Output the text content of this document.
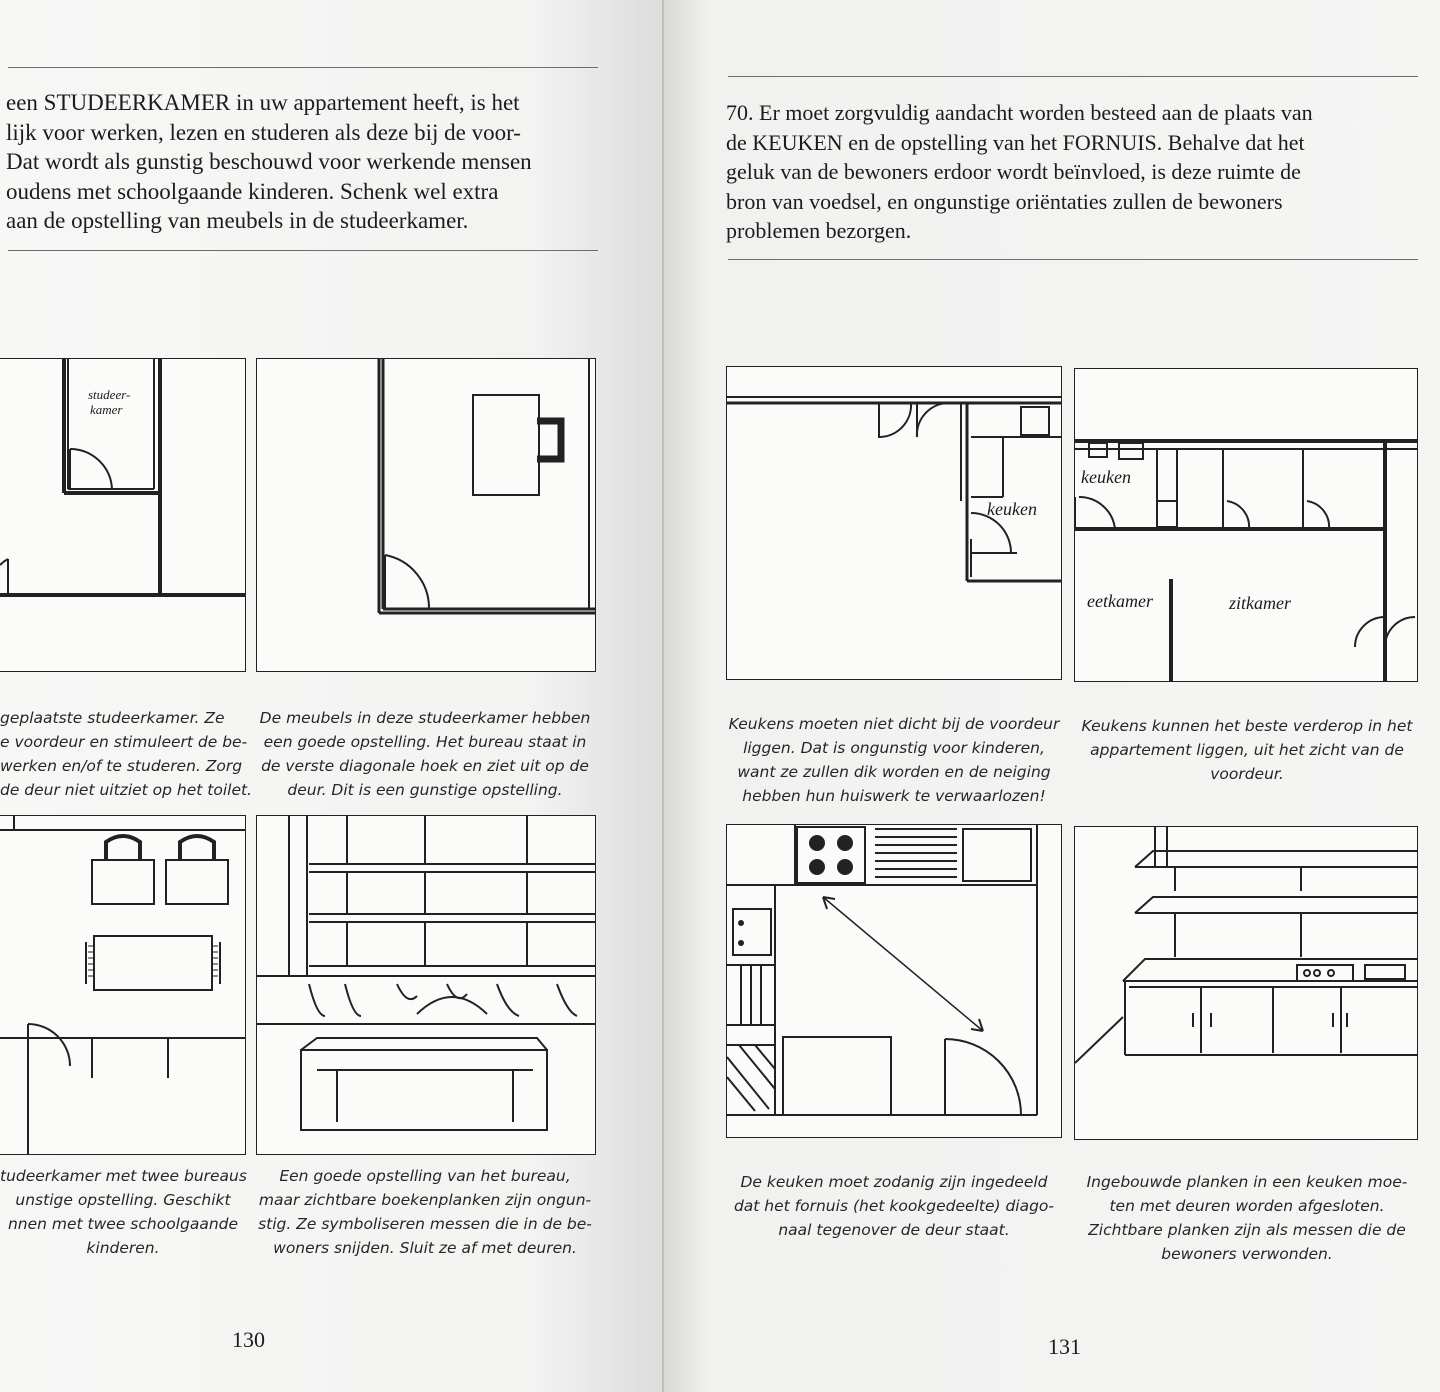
een STUDEERKAMER in uw appartement heeft, is het
lijk voor werken, lezen en studeren als deze bij de voor-
Dat wordt als gunstig beschouwd voor werkende mensen
oudens met schoolgaande kinderen. Schenk wel extra
aan de opstelling van meubels in de studeerkamer.
studeer-
kamer
geplaatste studeerkamer. Ze
e voordeur en stimuleert de be-
werken en/of te studeren. Zorg
de deur niet uitziet op het toilet.
De meubels in deze studeerkamer hebben
een goede opstelling. Het bureau staat in
de verste diagonale hoek en ziet uit op de
deur. Dit is een gunstige opstelling.
tudeerkamer met twee bureaus
unstige opstelling. Geschikt
nnen met twee schoolgaande
kinderen.
Een goede opstelling van het bureau,
maar zichtbare boekenplanken zijn ongun-
stig. Ze symboliseren messen die in de be-
woners snijden. Sluit ze af met deuren.
130
70. Er moet zorgvuldig aandacht worden besteed aan de plaats van
de KEUKEN en de opstelling van het FORNUIS. Behalve dat het
geluk van de bewoners erdoor wordt beïnvloed, is deze ruimte de
bron van voedsel, en ongunstige oriëntaties zullen de bewoners
problemen bezorgen.
keuken
keuken
eetkamer	zitkamer
Keukens moeten niet dicht bij de voordeur
liggen. Dat is ongunstig voor kinderen,
want ze zullen dik worden en de neiging
hebben hun huiswerk te verwaarlozen!
Keukens kunnen het beste verderop in het
appartement liggen, uit het zicht van de
voordeur.
De keuken moet zodanig zijn ingedeeld
dat het fornuis (het kookgedeelte) diago-
naal tegenover de deur staat.
Ingebouwde planken in een keuken moe-
ten met deuren worden afgesloten.
Zichtbare planken zijn als messen die de
bewoners verwonden.
131
